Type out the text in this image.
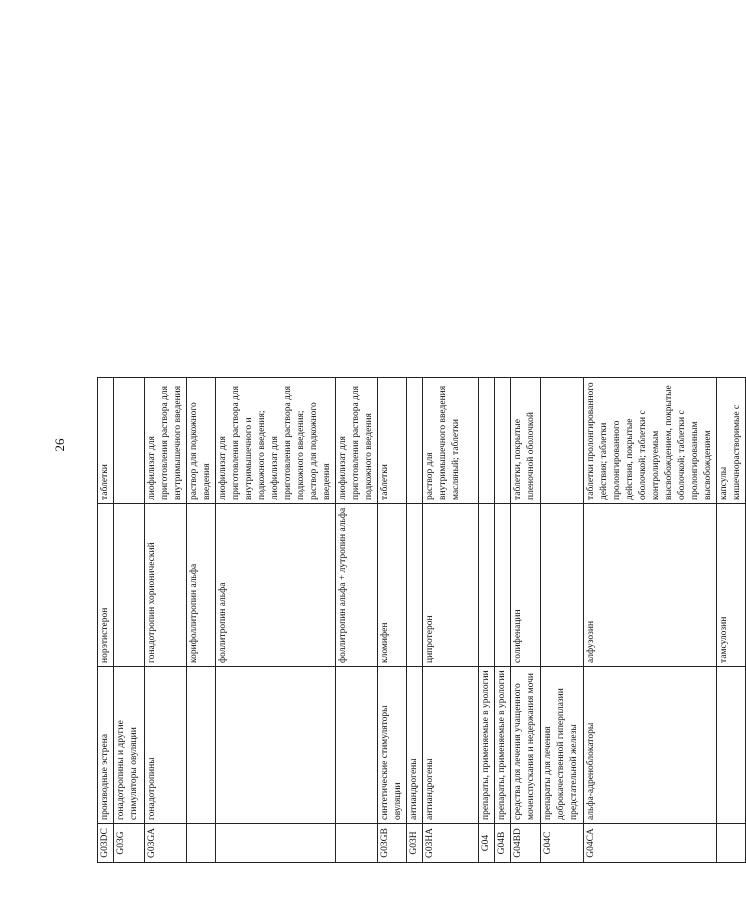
26
G03DC	производные эстрена	норэтистерон	таблетки
G03G	гонадотропины и другие стимуляторы овуляции		
G03GA	гонадотропины	гонадотропин хорионический	лиофилизат для приготовления раствора для внутримышечного введения
		корифоллитропин альфа	раствор для подкожного введения
		фоллитропин альфа	лиофилизат для приготовления раствора для внутримышечного и подкожного введения; лиофилизат для приготовления раствора для подкожного введения; раствор для подкожного введения
		фоллитропин альфа + лутропин альфа	лиофилизат для приготовления раствора для подкожного введения
G03GB	синтетические стимуляторы овуляции	кломифен	таблетки
G03H	антиандрогены		
G03HA	антиандрогены	ципротерон	раствор для внутримышечного введения масляный; таблетки
G04	препараты, применяемые в урологии		
G04B	препараты, применяемые в урологии		
G04BD	средства для лечения учащенного мочеиспускания и недержания мочи	солифенацин	таблетки, покрытые пленочной оболочкой
G04C	препараты для лечения доброкачественной гиперплазии предстательной железы		
G04CA	альфа-адреноблокаторы	алфузозин	таблетки пролонгированного действия; таблетки пролонгированного действия, покрытые оболочкой; таблетки с контролируемым высвобождением, покрытые оболочкой; таблетки с пролонгированным высвобождением
		тамсулозин	капсулы кишечнорастворимые с
